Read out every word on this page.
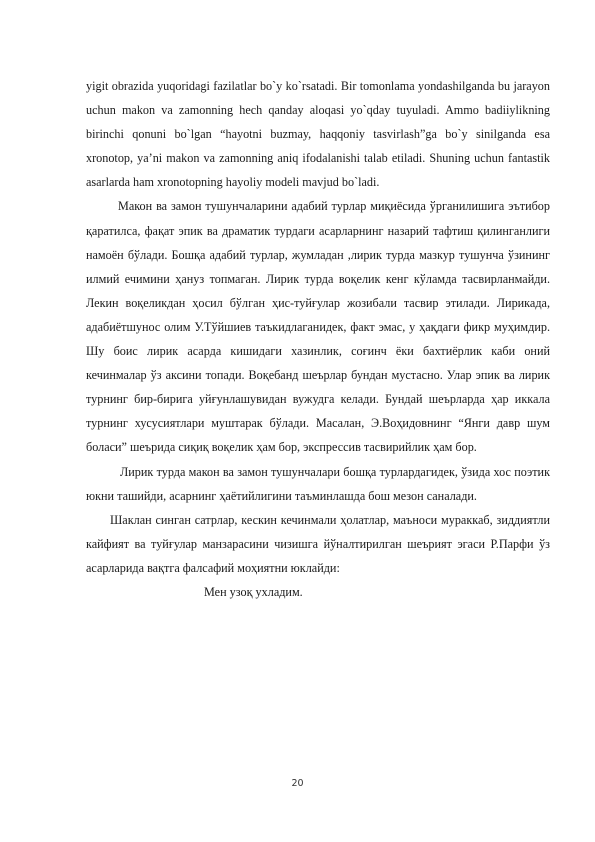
yigit obrazida yuqoridagi fazilatlar bo`y ko`rsatadi. Bir tomonlama yondashilganda bu jarayon uchun makon va zamonning hech qanday aloqasi yo`qday tuyuladi. Ammo badiiylikning birinchi qonuni bo`lgan “hayotni buzmay, haqqoniy tasvirlash”ga bo`y sinilganda esa xronotop, ya’ni makon va zamonning aniq ifodalanishi talab etiladi. Shuning uchun fantastik asarlarda ham xronotopning hayoliy modeli mavjud bo`ladi.

Макон ва замон тушунчаларини адабий турлар миқиёсида ўрганилишига эътибор қаратилса, фақат эпик ва драматик турдаги асарларнинг назарий тафтиш қилинганлиги намоён бўлади. Бошқа адабий турлар, жумладан ,лирик турда мазкур тушунча ўзининг илмий ечимини ҳануз топмаган. Лирик турда воқелик кенг кўламда тасвирланмайди. Лекин воқеликдан ҳосил бўлган ҳис-туйғулар жозибали тасвир этилади. Лирикада, адабиётшунос олим У.Тўйшиев таъкидлаганидек, факт эмас, у ҳақдаги фикр муҳимдир. Шу боис лирик асарда кишидаги хазинлик, соғинч ёки бахтиёрлик каби оний кечинмалар ўз аксини топади. Воқебанд шеърлар бундан мустасно. Улар эпик ва лирик турнинг бир-бирига уйғунлашувидан вужудга келади. Бундай шеърларда ҳар иккала турнинг хусусиятлари муштарак бўлади. Масалан, Э.Воҳидовнинг “Янги давр шум боласи” шеърида сиқиқ воқелик ҳам бор, экспрессив тасвирийлик ҳам бор.

Лирик турда макон ва замон тушунчалари бошқа турлардагидек, ўзида хос поэтик юкни ташийди, асарнинг ҳаётийлигини таъминлашда бош мезон саналади.

Шаклан синган сатрлар, кескин кечинмали ҳолатлар, маъноси мураккаб, зиддиятли кайфият ва туйғулар манзарасини чизишга йўналтирилган шеърият эгаси Р.Парфи ўз асарларида вақтга фалсафий моҳиятни юклайди:

Мен узоқ ухладим.

20
